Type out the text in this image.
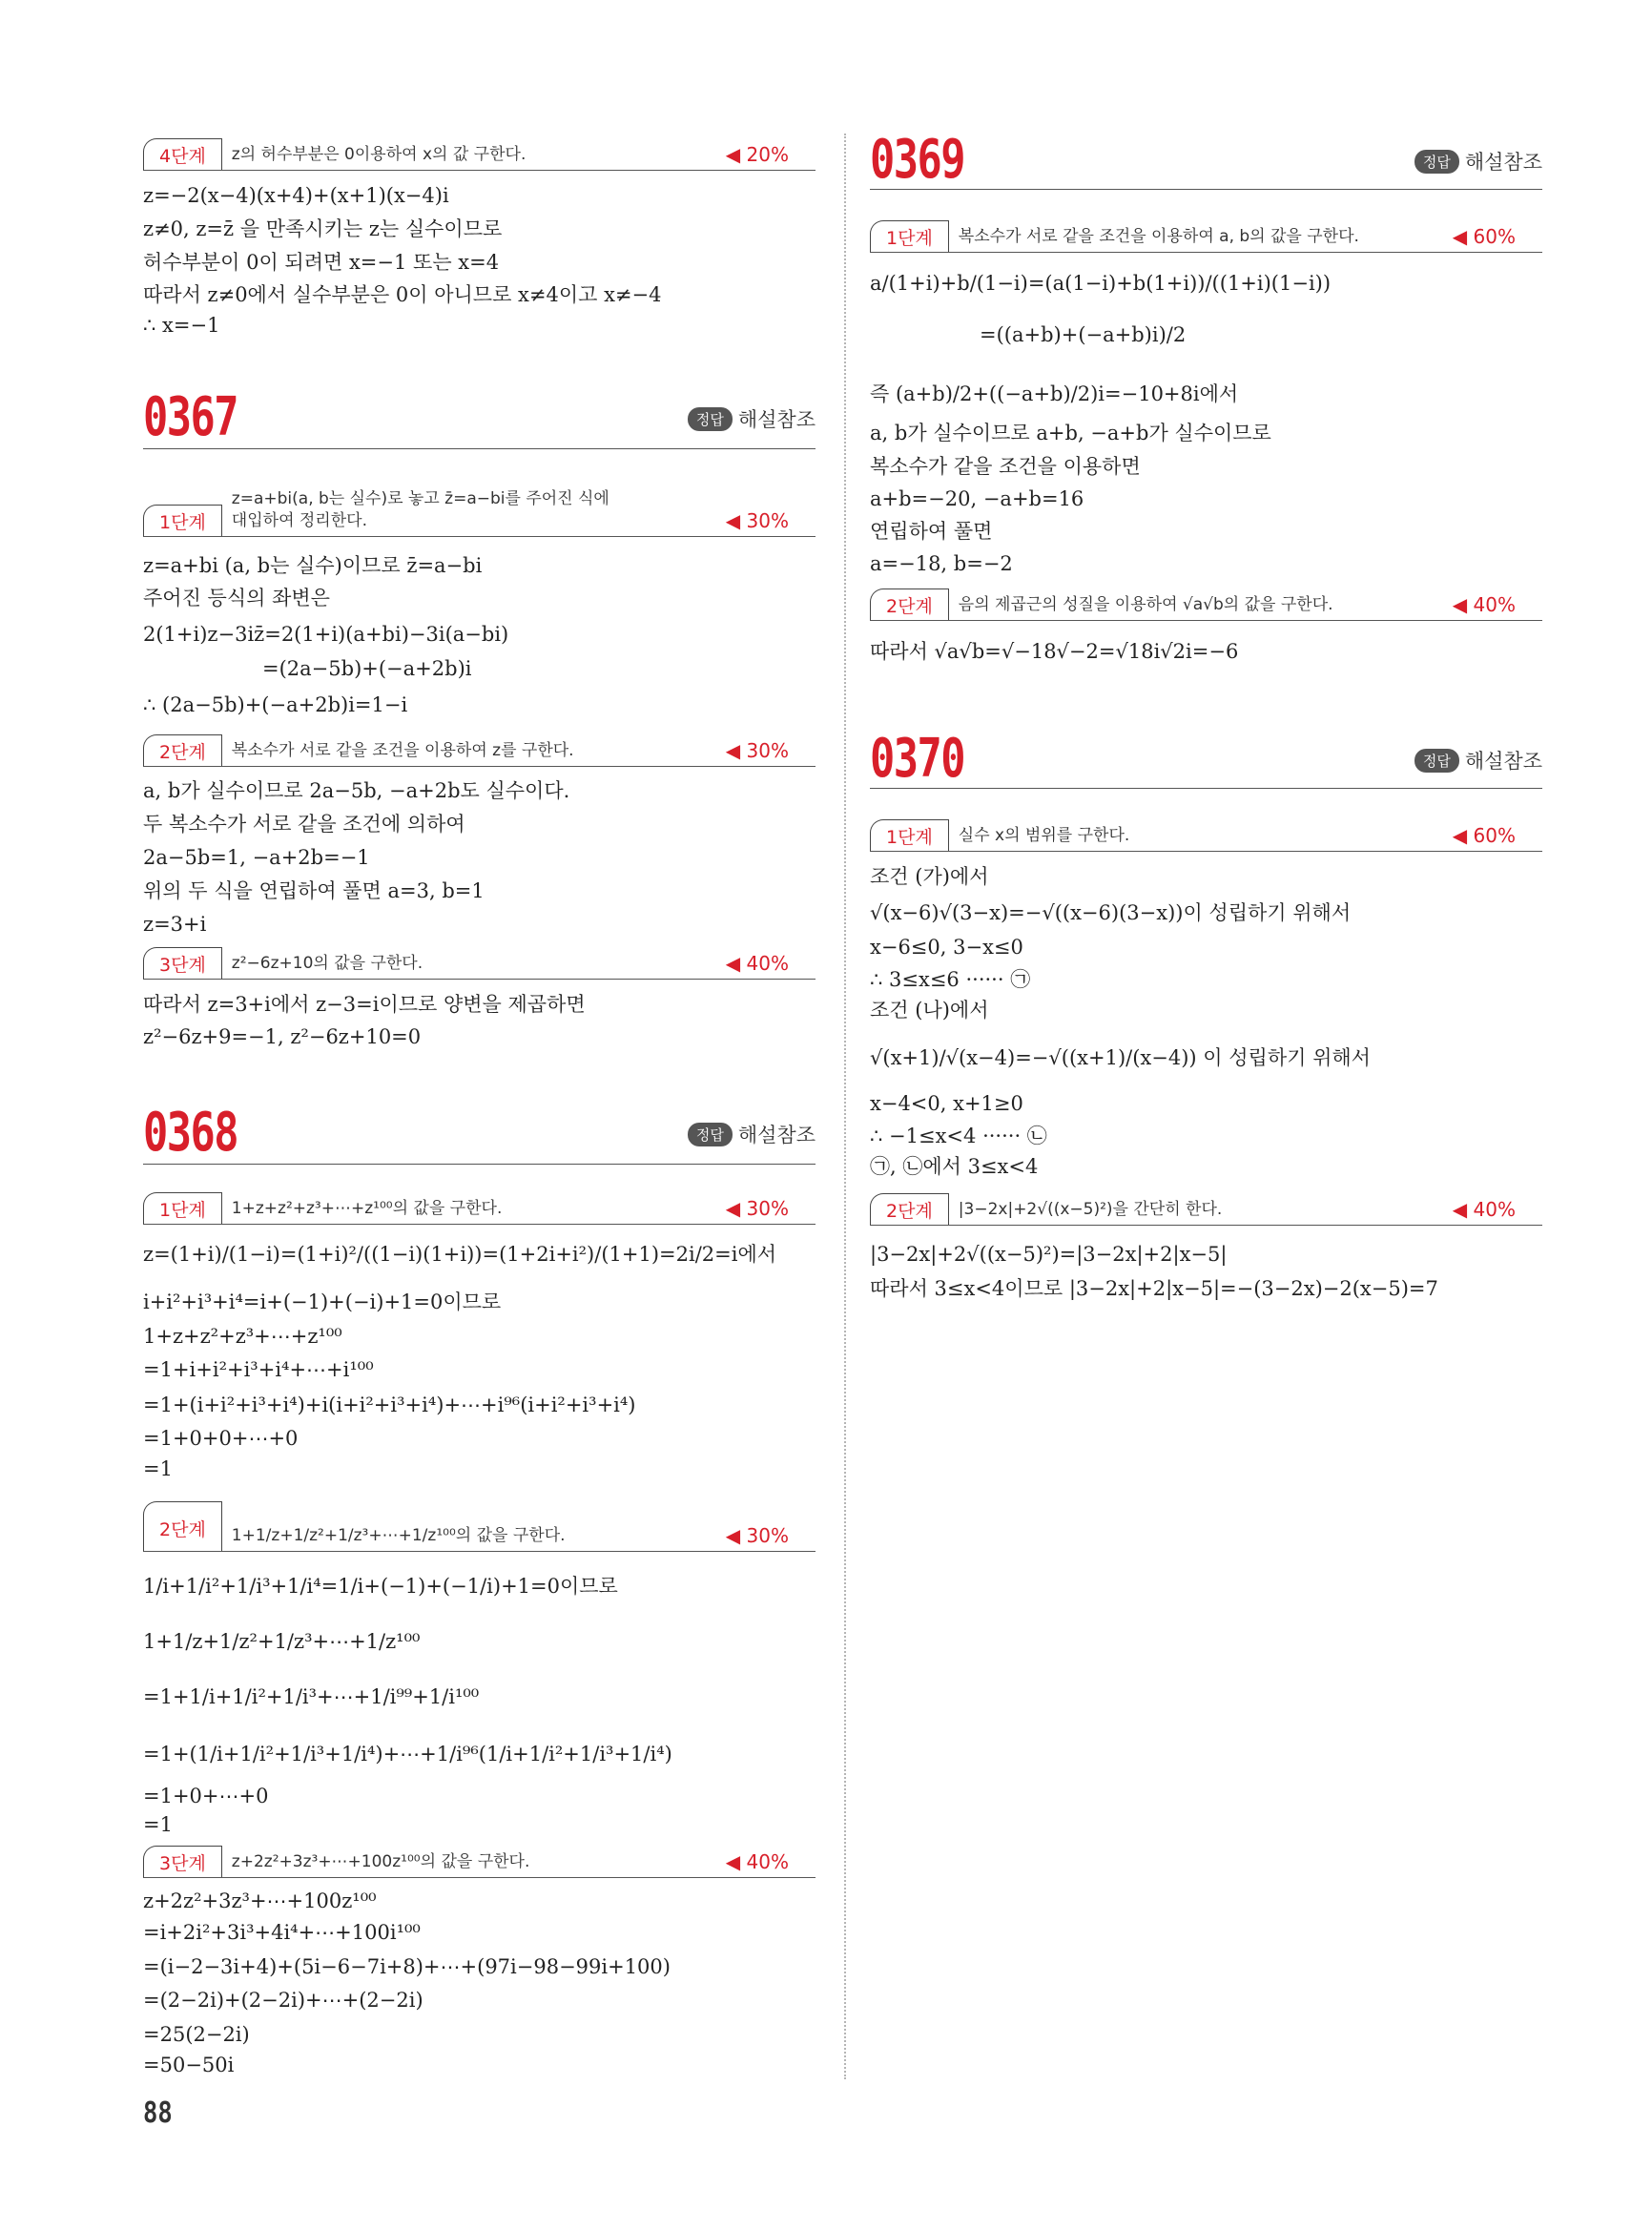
4단계	z의 허수부분은 0이용하여 x의 값 구한다.	◀ 20%
z=−2(x−4)(x+4)+(x+1)(x−4)i
z≠0, z=z̄ 을 만족시키는 z는 실수이므로
허수부분이 0이 되려면 x=−1 또는 x=4
따라서 z≠0에서 실수부분은 0이 아니므로 x≠4이고 x≠−4
∴ x=−1
0367	정답 해설참조
1단계
z=a+bi(a, b는 실수)로 놓고 z̄=a−bi를 주어진 식에
대입하여 정리한다.	◀ 30%
z=a+bi (a, b는 실수)이므로 z̄=a−bi
주어진 등식의 좌변은
2(1+i)z−3iz̄=2(1+i)(a+bi)−3i(a−bi)
=(2a−5b)+(−a+2b)i
∴ (2a−5b)+(−a+2b)i=1−i
2단계	복소수가 서로 같을 조건을 이용하여 z를 구한다.	◀ 30%
a, b가 실수이므로 2a−5b, −a+2b도 실수이다.
두 복소수가 서로 같을 조건에 의하여
2a−5b=1, −a+2b=−1
위의 두 식을 연립하여 풀면 a=3, b=1
z=3+i
3단계	z²−6z+10의 값을 구한다.	◀ 40%
따라서 z=3+i에서 z−3=i이므로 양변을 제곱하면
z²−6z+9=−1, z²−6z+10=0
0368	정답 해설참조
1단계	1+z+z²+z³+⋯+z¹⁰⁰의 값을 구한다.	◀ 30%
z=(1+i)/(1−i)=(1+i)²/((1−i)(1+i))=(1+2i+i²)/(1+1)=2i/2=i에서
i+i²+i³+i⁴=i+(−1)+(−i)+1=0이므로
1+z+z²+z³+⋯+z¹⁰⁰
=1+i+i²+i³+i⁴+⋯+i¹⁰⁰
=1+(i+i²+i³+i⁴)+i(i+i²+i³+i⁴)+⋯+i⁹⁶(i+i²+i³+i⁴)
=1+0+0+⋯+0
=1
2단계	1+1/z+1/z²+1/z³+⋯+1/z¹⁰⁰의 값을 구한다.	◀ 30%
1/i+1/i²+1/i³+1/i⁴=1/i+(−1)+(−1/i)+1=0이므로
1+1/z+1/z²+1/z³+⋯+1/z¹⁰⁰
=1+1/i+1/i²+1/i³+⋯+1/i⁹⁹+1/i¹⁰⁰
=1+(1/i+1/i²+1/i³+1/i⁴)+⋯+1/i⁹⁶(1/i+1/i²+1/i³+1/i⁴)
=1+0+⋯+0
=1
3단계	z+2z²+3z³+⋯+100z¹⁰⁰의 값을 구한다.	◀ 40%
z+2z²+3z³+⋯+100z¹⁰⁰
=i+2i²+3i³+4i⁴+⋯+100i¹⁰⁰
=(i−2−3i+4)+(5i−6−7i+8)+⋯+(97i−98−99i+100)
=(2−2i)+(2−2i)+⋯+(2−2i)
=25(2−2i)
=50−50i
0369	정답 해설참조
1단계	복소수가 서로 같을 조건을 이용하여 a, b의 값을 구한다.	◀ 60%
a/(1+i)+b/(1−i)=(a(1−i)+b(1+i))/((1+i)(1−i))
=((a+b)+(−a+b)i)/2
즉 (a+b)/2+((−a+b)/2)i=−10+8i에서
a, b가 실수이므로 a+b, −a+b가 실수이므로
복소수가 같을 조건을 이용하면
a+b=−20, −a+b=16
연립하여 풀면
a=−18, b=−2
2단계	음의 제곱근의 성질을 이용하여 √a√b의 값을 구한다.	◀ 40%
따라서 √a√b=√−18√−2=√18i√2i=−6
0370	정답 해설참조
1단계	실수 x의 범위를 구한다.	◀ 60%
조건 (가)에서
√(x−6)√(3−x)=−√((x−6)(3−x))이 성립하기 위해서
x−6≤0, 3−x≤0
∴ 3≤x≤6 ······ ㉠
조건 (나)에서
√(x+1)/√(x−4)=−√((x+1)/(x−4)) 이 성립하기 위해서
x−4<0, x+1≥0
∴ −1≤x<4 ······ ㉡
㉠, ㉡에서 3≤x<4
2단계	|3−2x|+2√((x−5)²)을 간단히 한다.	◀ 40%
|3−2x|+2√((x−5)²)=|3−2x|+2|x−5|
따라서 3≤x<4이므로 |3−2x|+2|x−5|=−(3−2x)−2(x−5)=7
88
